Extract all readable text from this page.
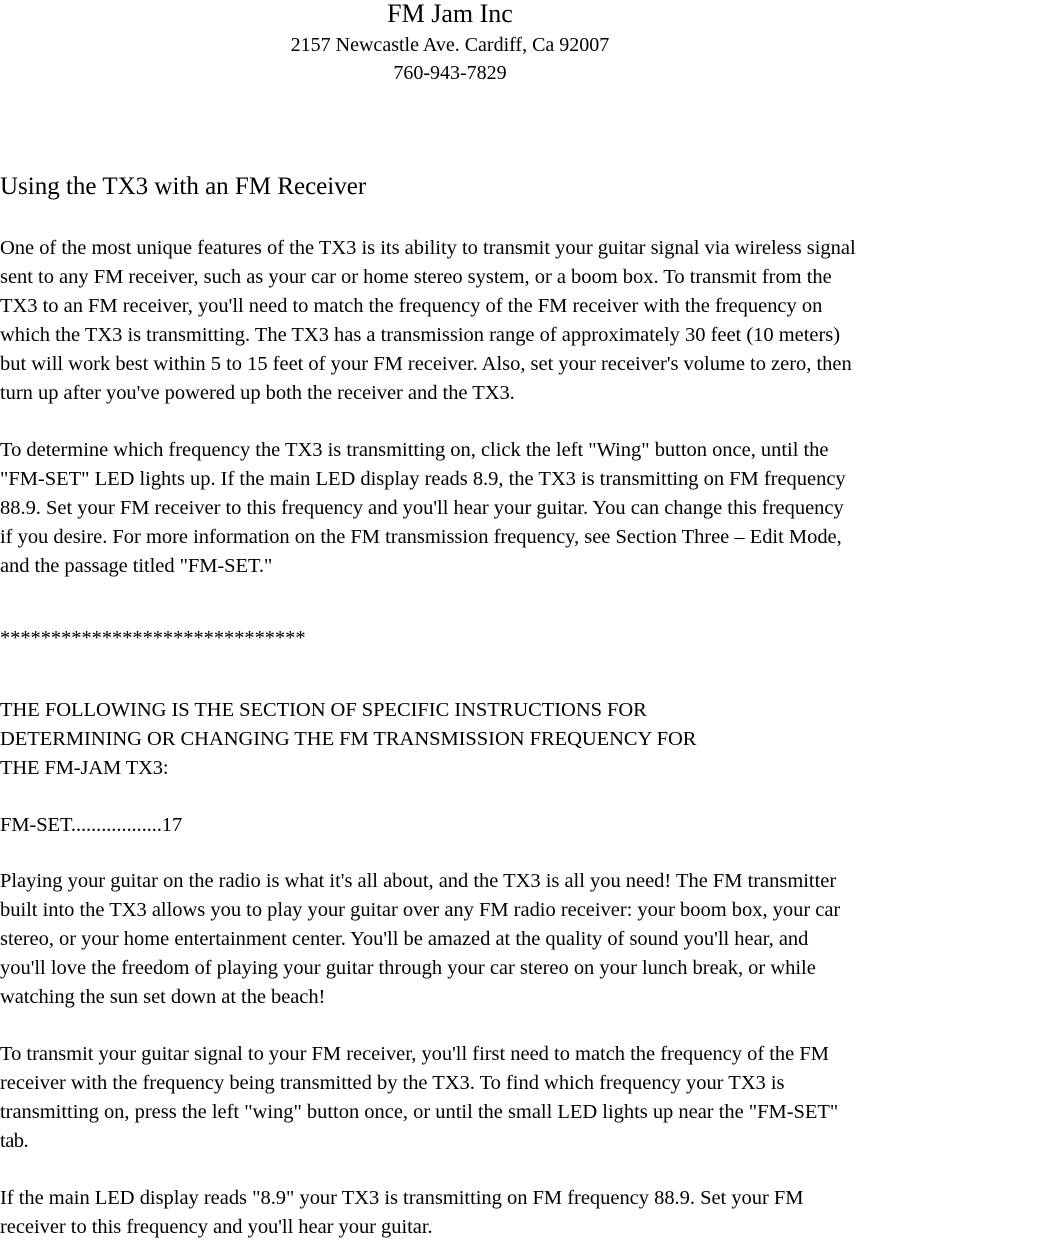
FM Jam Inc
2157 Newcastle Ave. Cardiff, Ca 92007
760-943-7829
Using the TX3 with an FM Receiver
One of the most unique features of the TX3 is its ability to transmit your guitar signal via wireless signal
sent to any FM receiver, such as your car or home stereo system, or a boom box. To transmit from the
TX3 to an FM receiver, you'll need to match the frequency of the FM receiver with the frequency on
which the TX3 is transmitting. The TX3 has a transmission range of approximately 30 feet (10 meters)
but will work best within 5 to 15 feet of your FM receiver. Also, set your receiver's volume to zero, then
turn up after you've powered up both the receiver and the TX3.
To determine which frequency the TX3 is transmitting on, click the left "Wing" button once, until the
"FM-SET" LED lights up. If the main LED display reads 8.9, the TX3 is transmitting on FM frequency
88.9. Set your FM receiver to this frequency and you'll hear your guitar. You can change this frequency
if you desire. For more information on the FM transmission frequency, see Section Three – Edit Mode,
and the passage titled "FM-SET."
******************************
THE FOLLOWING IS THE SECTION OF SPECIFIC INSTRUCTIONS FOR
DETERMINING OR CHANGING THE FM TRANSMISSION FREQUENCY FOR
THE FM-JAM TX3:
FM-SET..................17
Playing your guitar on the radio is what it's all about, and the TX3 is all you need! The FM transmitter
built into the TX3 allows you to play your guitar over any FM radio receiver: your boom box, your car
stereo, or your home entertainment center. You'll be amazed at the quality of sound you'll hear, and
you'll love the freedom of playing your guitar through your car stereo on your lunch break, or while
watching the sun set down at the beach!
To transmit your guitar signal to your FM receiver, you'll first need to match the frequency of the FM
receiver with the frequency being transmitted by the TX3. To find which frequency your TX3 is
transmitting on, press the left "wing" button once, or until the small LED lights up near the "FM-SET"
tab.
If the main LED display reads "8.9" your TX3 is transmitting on FM frequency 88.9. Set your FM
receiver to this frequency and you'll hear your guitar.
